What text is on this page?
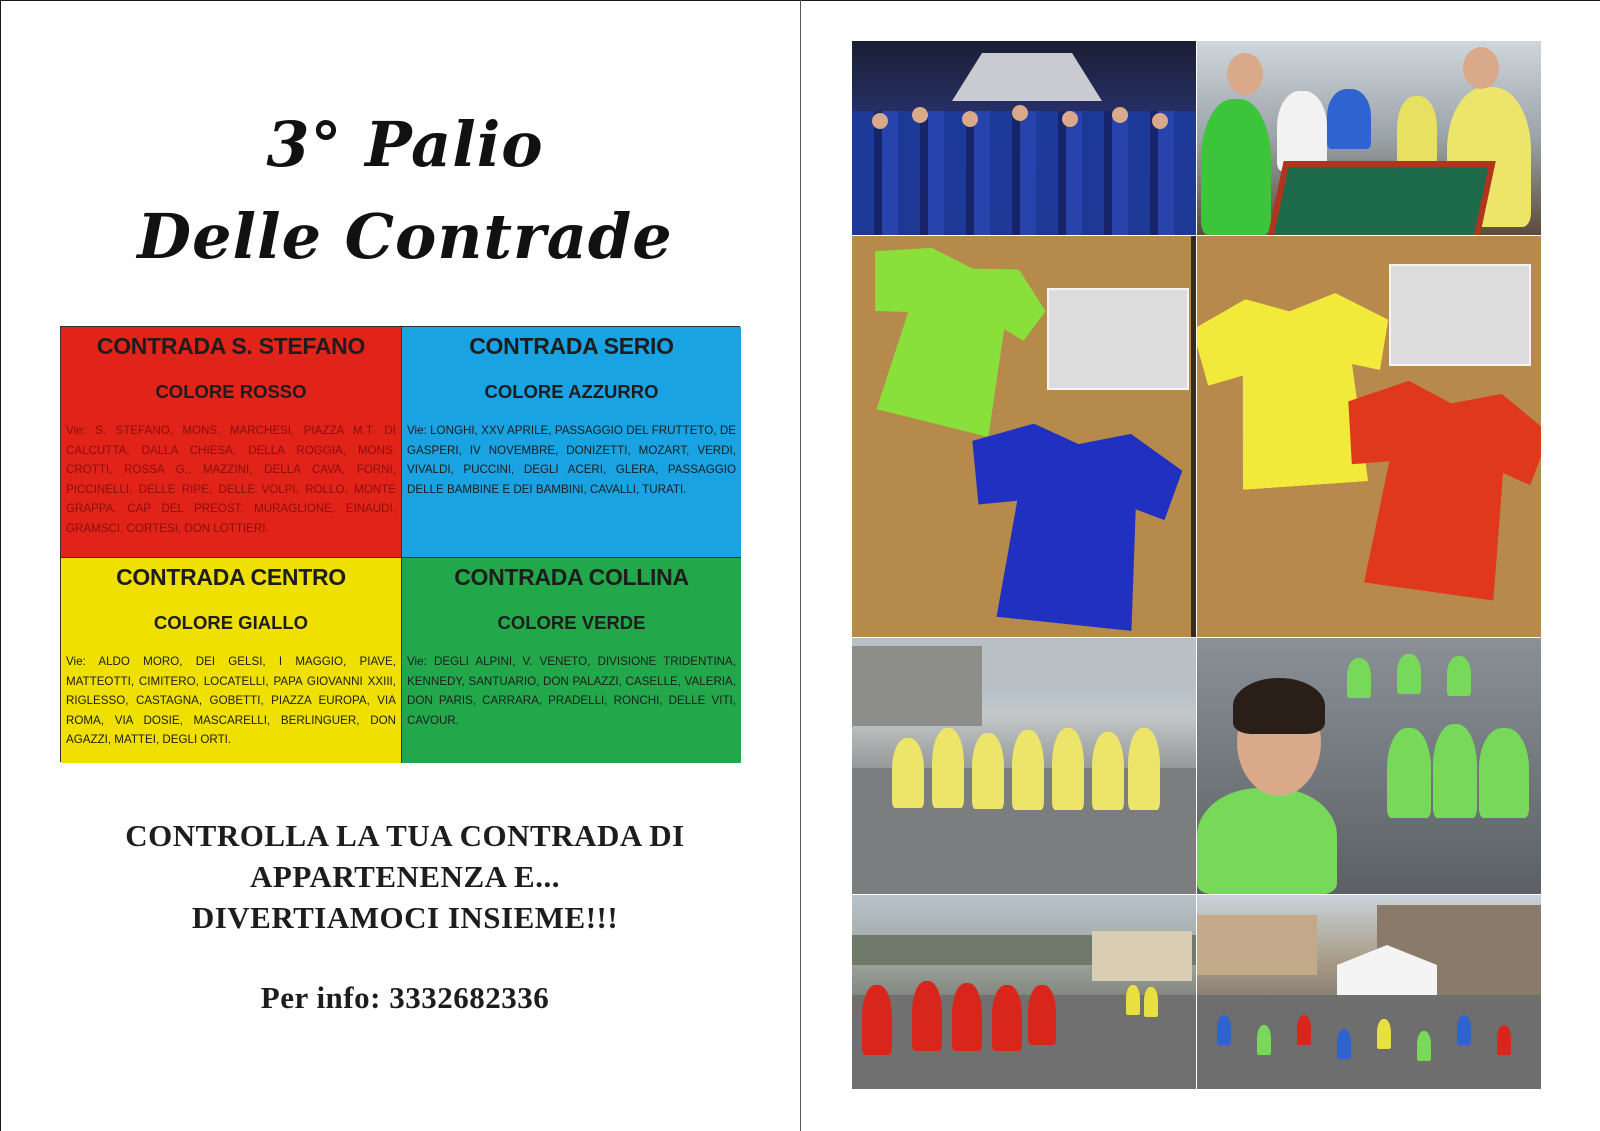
3° Palio
Delle Contrade
CONTRADA S. STEFANO
COLORE ROSSO
Vie: S. STEFANO, MONS. MARCHESI, PIAZZA M.T. DI CALCUTTA, DALLA CHIESA, DELLA ROGGIA, MONS. CROTTI, ROSSA G., MAZZINI, DELLA CAVA, FORNI, PICCINELLI, DELLE RIPE, DELLE VOLPI, ROLLO, MONTE GRAPPA, CAP DEL PREOST, MURAGLIONE, EINAUDI, GRAMSCI, CORTESI, DON LOTTIERI.
CONTRADA SERIO
COLORE AZZURRO
Vie: LONGHI, XXV APRILE, PASSAGGIO DEL FRUTTETO, DE GASPERI, IV NOVEMBRE, DONIZETTI, MOZART, VERDI, VIVALDI, PUCCINI, DEGLI ACERI, GLERA, PASSAGGIO DELLE BAMBINE E DEI BAMBINI, CAVALLI, TURATI.
CONTRADA CENTRO
COLORE GIALLO
Vie: ALDO MORO, DEI GELSI, I MAGGIO, PIAVE, MATTEOTTI, CIMITERO, LOCATELLI, PAPA GIOVANNI XXIII, RIGLESSO, CASTAGNA, GOBETTI, PIAZZA EUROPA, VIA ROMA, VIA DOSIE, MASCARELLI, BERLINGUER, DON AGAZZI, MATTEI, DEGLI ORTI.
CONTRADA COLLINA
COLORE VERDE
Vie: DEGLI ALPINI, V. VENETO, DIVISIONE TRIDENTINA, KENNEDY, SANTUARIO, DON PALAZZI, CASELLE, VALERIA, DON PARIS, CARRARA, PRADELLI, RONCHI, DELLE VITI, CAVOUR.
CONTROLLA LA TUA CONTRADA DI
APPARTENENZA E...
DIVERTIAMOCI INSIEME!!!
Per info: 3332682336
